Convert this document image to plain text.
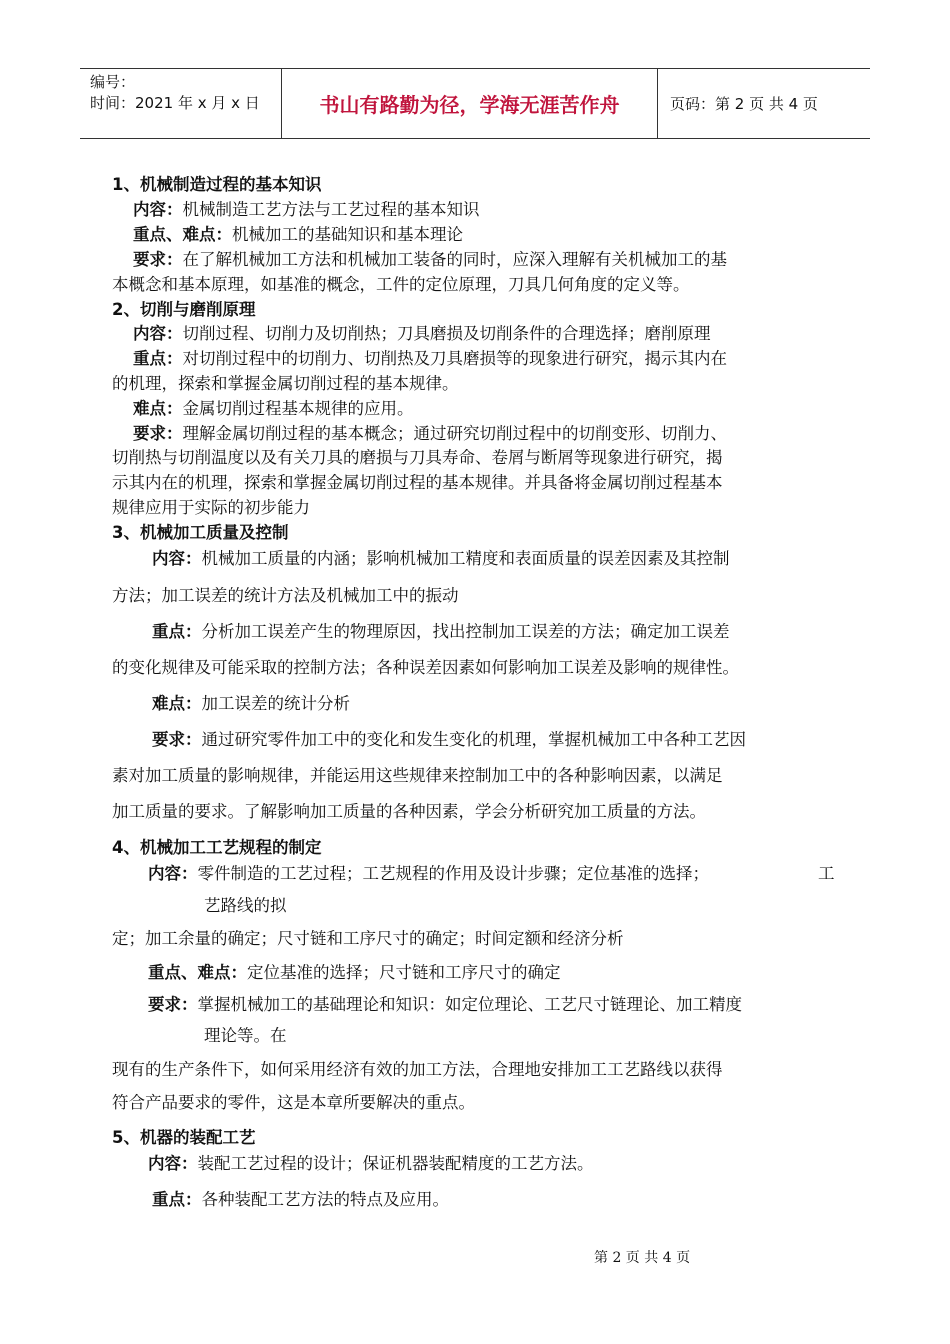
编号：
时间：2021 年 x 月 x 日	书山有路勤为径，学海无涯苦作舟	页码：第 2 页 共 4 页
1、机械制造过程的基本知识
内容：机械制造工艺方法与工艺过程的基本知识
重点、难点：机械加工的基础知识和基本理论
要求：在了解机械加工方法和机械加工装备的同时，应深入理解有关机械加工的基
本概念和基本原理，如基准的概念，工件的定位原理，刀具几何角度的定义等。
2、切削与磨削原理
内容：切削过程、切削力及切削热；刀具磨损及切削条件的合理选择；磨削原理
重点：对切削过程中的切削力、切削热及刀具磨损等的现象进行研究，揭示其内在
的机理，探索和掌握金属切削过程的基本规律。
难点：金属切削过程基本规律的应用。
要求：理解金属切削过程的基本概念；通过研究切削过程中的切削变形、切削力、
切削热与切削温度以及有关刀具的磨损与刀具寿命、卷屑与断屑等现象进行研究，揭
示其内在的机理，探索和掌握金属切削过程的基本规律。并具备将金属切削过程基本
规律应用于实际的初步能力
3、机械加工质量及控制
内容：机械加工质量的内涵；影响机械加工精度和表面质量的误差因素及其控制
方法；加工误差的统计方法及机械加工中的振动
重点：分析加工误差产生的物理原因，找出控制加工误差的方法；确定加工误差
的变化规律及可能采取的控制方法；各种误差因素如何影响加工误差及影响的规律性。
难点：加工误差的统计分析
要求：通过研究零件加工中的变化和发生变化的机理，掌握机械加工中各种工艺因
素对加工质量的影响规律，并能运用这些规律来控制加工中的各种影响因素，以满足
加工质量的要求。了解影响加工质量的各种因素，学会分析研究加工质量的方法。
4、机械加工工艺规程的制定
内容：零件制造的工艺过程；工艺规程的作用及设计步骤；定位基准的选择；	工
艺路线的拟
定；加工余量的确定；尺寸链和工序尺寸的确定；时间定额和经济分析
重点、难点：定位基准的选择；尺寸链和工序尺寸的确定
要求：掌握机械加工的基础理论和知识：如定位理论、工艺尺寸链理论、加工精度
理论等。在
现有的生产条件下，如何采用经济有效的加工方法，合理地安排加工工艺路线以获得
符合产品要求的零件，这是本章所要解决的重点。
5、机器的装配工艺
内容：装配工艺过程的设计；保证机器装配精度的工艺方法。
重点：各种装配工艺方法的特点及应用。
第 2 页 共 4 页
